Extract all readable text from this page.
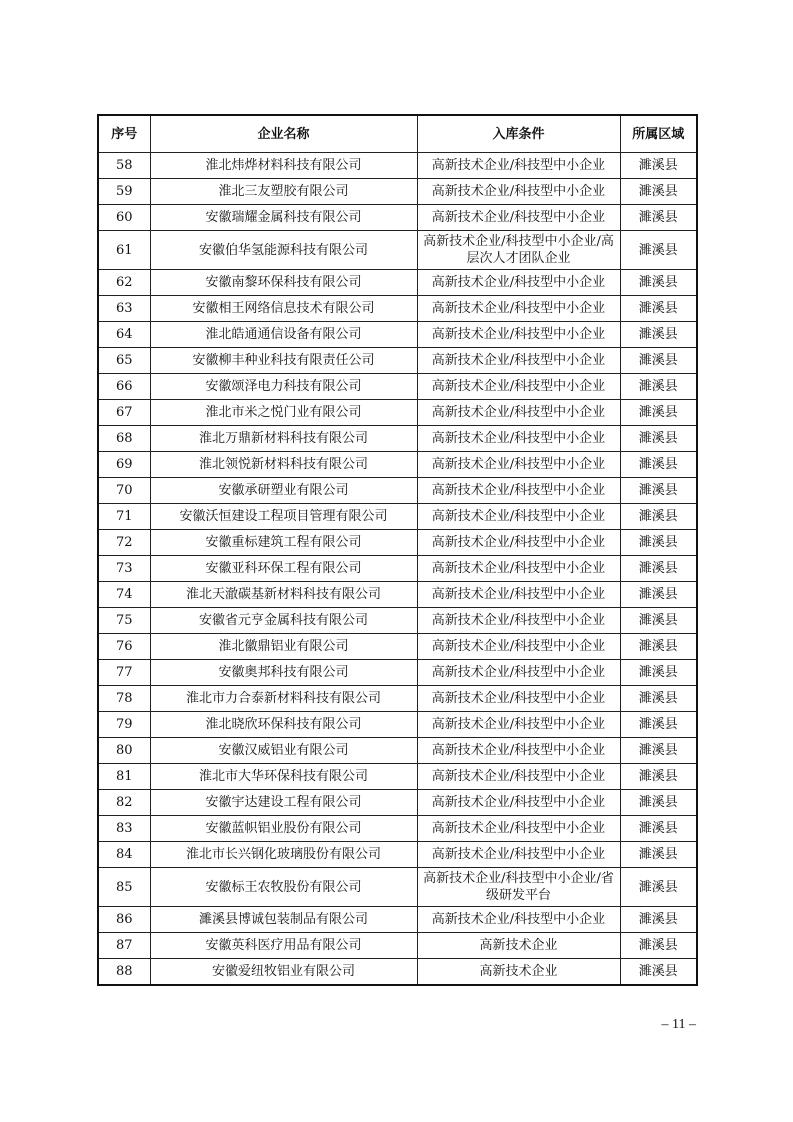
序号	企业名称	入库条件	所属区域
58	淮北炜烨材料科技有限公司	高新技术企业/科技型中小企业	濉溪县
59	淮北三友塑胶有限公司	高新技术企业/科技型中小企业	濉溪县
60	安徽瑞耀金属科技有限公司	高新技术企业/科技型中小企业	濉溪县
61	安徽伯华氢能源科技有限公司	高新技术企业/科技型中小企业/高层次人才团队企业	濉溪县
62	安徽南黎环保科技有限公司	高新技术企业/科技型中小企业	濉溪县
63	安徽相王网络信息技术有限公司	高新技术企业/科技型中小企业	濉溪县
64	淮北皓通通信设备有限公司	高新技术企业/科技型中小企业	濉溪县
65	安徽柳丰种业科技有限责任公司	高新技术企业/科技型中小企业	濉溪县
66	安徽颂泽电力科技有限公司	高新技术企业/科技型中小企业	濉溪县
67	淮北市米之悦门业有限公司	高新技术企业/科技型中小企业	濉溪县
68	淮北万鼎新材料科技有限公司	高新技术企业/科技型中小企业	濉溪县
69	淮北领悦新材料科技有限公司	高新技术企业/科技型中小企业	濉溪县
70	安徽承研塑业有限公司	高新技术企业/科技型中小企业	濉溪县
71	安徽沃恒建设工程项目管理有限公司	高新技术企业/科技型中小企业	濉溪县
72	安徽重标建筑工程有限公司	高新技术企业/科技型中小企业	濉溪县
73	安徽亚科环保工程有限公司	高新技术企业/科技型中小企业	濉溪县
74	淮北天澈碳基新材料科技有限公司	高新技术企业/科技型中小企业	濉溪县
75	安徽省元亨金属科技有限公司	高新技术企业/科技型中小企业	濉溪县
76	淮北徽鼎铝业有限公司	高新技术企业/科技型中小企业	濉溪县
77	安徽奥邦科技有限公司	高新技术企业/科技型中小企业	濉溪县
78	淮北市力合泰新材料科技有限公司	高新技术企业/科技型中小企业	濉溪县
79	淮北晓欣环保科技有限公司	高新技术企业/科技型中小企业	濉溪县
80	安徽汉威铝业有限公司	高新技术企业/科技型中小企业	濉溪县
81	淮北市大华环保科技有限公司	高新技术企业/科技型中小企业	濉溪县
82	安徽宇达建设工程有限公司	高新技术企业/科技型中小企业	濉溪县
83	安徽蓝帜铝业股份有限公司	高新技术企业/科技型中小企业	濉溪县
84	淮北市长兴钢化玻璃股份有限公司	高新技术企业/科技型中小企业	濉溪县
85	安徽标王农牧股份有限公司	高新技术企业/科技型中小企业/省级研发平台	濉溪县
86	濉溪县博诚包装制品有限公司	高新技术企业/科技型中小企业	濉溪县
87	安徽英科医疗用品有限公司	高新技术企业	濉溪县
88	安徽爱纽牧铝业有限公司	高新技术企业	濉溪县
– 11 –
